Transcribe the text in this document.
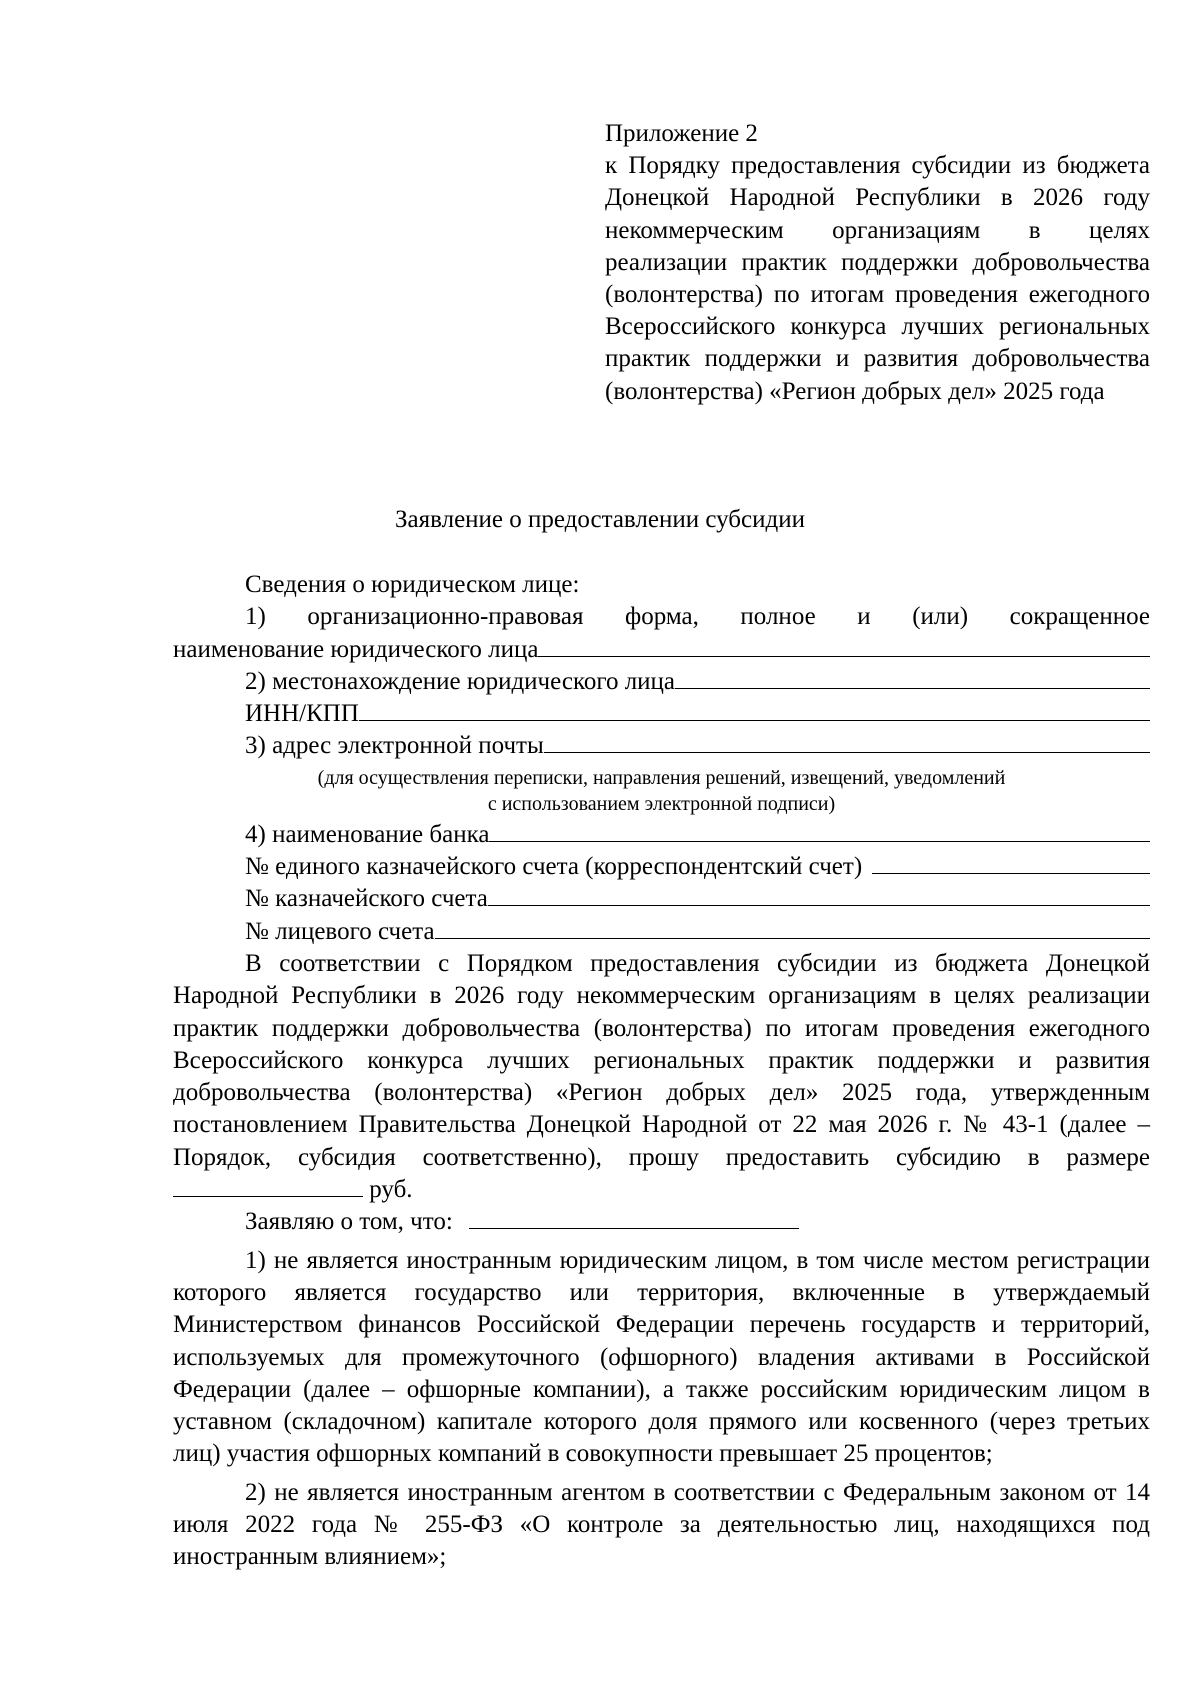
Приложение 2
к Порядку предоставления субсидии из бюджета Донецкой Народной Республики в 2026 году некоммерческим организациям в целях реализации практик поддержки добровольчества (волонтерства) по итогам проведения ежегодного Всероссийского конкурса лучших региональных практик поддержки и развития добровольчества (волонтерства) «Регион добрых дел» 2025 года
Заявление о предоставлении субсидии

Сведения о юридическом лице:

1) организационно-правовая форма, полное и (или) сокращенное

наименование юридического лица
2) местонахождение юридического лица
ИНН/КПП
3) адрес электронной почты

(для осуществления переписки, направления решений, извещений, уведомлений

с использованием электронной подписи)

4) наименование банка
№ единого казначейского счета (корреспондентский счет)
№ казначейского счета
№ лицевого счета

В соответствии с Порядком предоставления субсидии из бюджета Донецкой Народной Республики в 2026 году некоммерческим организациям в целях реализации практик поддержки добровольчества (волонтерства) по итогам проведения ежегодного Всероссийского конкурса лучших региональных практик поддержки и развития добровольчества (волонтерства) «Регион добрых дел» 2025 года, утвержденным постановлением Правительства Донецкой Народной от 22 мая 2026 г. № 43-1 (далее – Порядок, субсидия соответственно), прошу предоставить субсидию в размере  руб.

Заявляю о том, что:

1) не является иностранным юридическим лицом, в том числе местом регистрации которого является государство или территория, включенные в утверждаемый Министерством финансов Российской Федерации перечень государств и территорий, используемых для промежуточного (офшорного) владения активами в Российской Федерации (далее – офшорные компании), а также российским юридическим лицом в уставном (складочном) капитале которого доля прямого или косвенного (через третьих лиц) участия офшорных компаний в совокупности превышает 25 процентов;

2) не является иностранным агентом в соответствии с Федеральным законом от 14 июля 2022 года № 255-ФЗ «О контроле за деятельностью лиц, находящихся под иностранным влиянием»;
